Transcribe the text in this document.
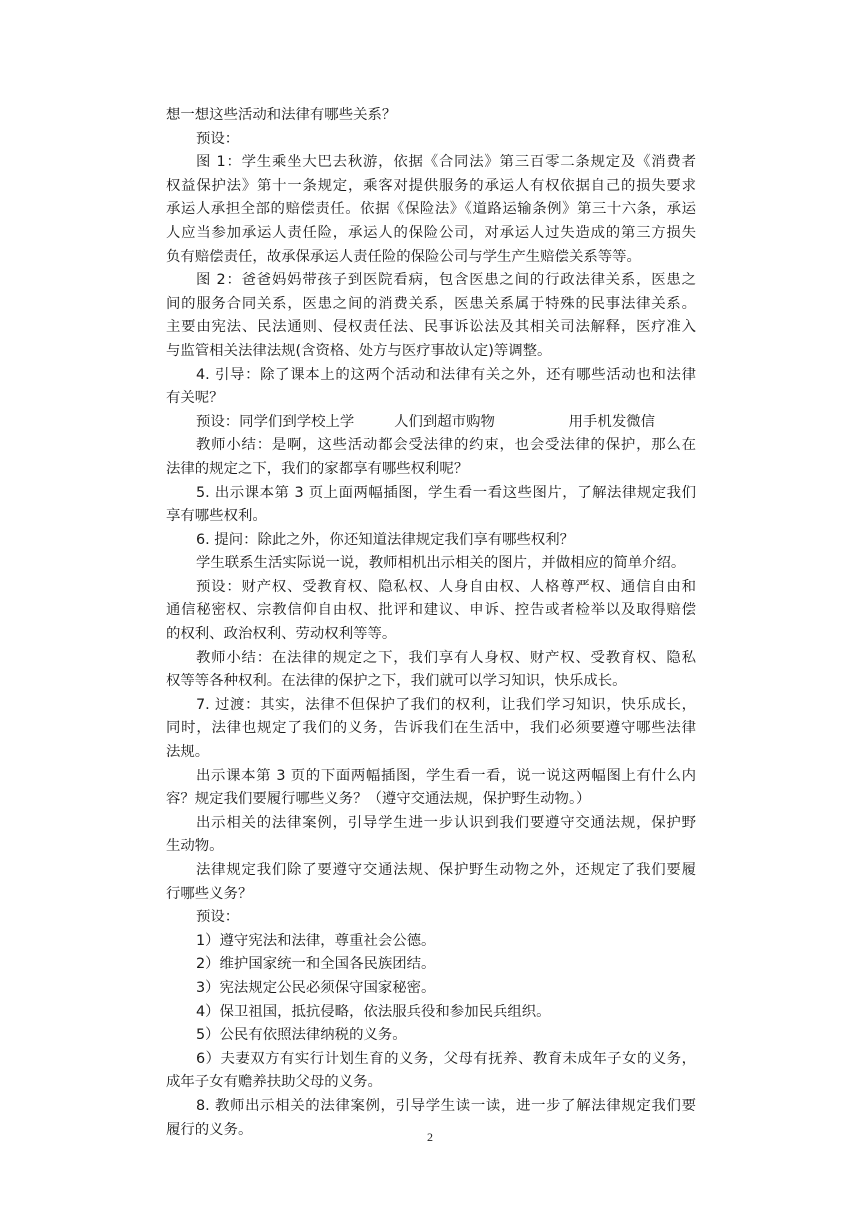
想一想这些活动和法律有哪些关系？
预设：
图 1：学生乘坐大巴去秋游，依据《合同法》第三百零二条规定及《消费者
权益保护法》第十一条规定，乘客对提供服务的承运人有权依据自己的损失要求
承运人承担全部的赔偿责任。依据《保险法》《道路运输条例》第三十六条，承运
人应当参加承运人责任险，承运人的保险公司，对承运人过失造成的第三方损失
负有赔偿责任，故承保承运人责任险的保险公司与学生产生赔偿关系等等。
图 2：爸爸妈妈带孩子到医院看病，包含医患之间的行政法律关系，医患之
间的服务合同关系，医患之间的消费关系，医患关系属于特殊的民事法律关系。
主要由宪法、民法通则、侵权责任法、民事诉讼法及其相关司法解释，医疗准入
与监管相关法律法规(含资格、处方与医疗事故认定)等调整。
4. 引导：除了课本上的这两个活动和法律有关之外，还有哪些活动也和法律
有关呢？
预设：同学们到学校上学	人们到超市购物	用手机发微信
教师小结：是啊，这些活动都会受法律的约束，也会受法律的保护，那么在
法律的规定之下，我们的家都享有哪些权利呢？
5. 出示课本第 3 页上面两幅插图，学生看一看这些图片，了解法律规定我们
享有哪些权利。
6. 提问：除此之外，你还知道法律规定我们享有哪些权利？
学生联系生活实际说一说，教师相机出示相关的图片，并做相应的简单介绍。
预设：财产权、受教育权、隐私权、人身自由权、人格尊严权、通信自由和
通信秘密权、宗教信仰自由权、批评和建议、申诉、控告或者检举以及取得赔偿
的权利、政治权利、劳动权利等等。
教师小结：在法律的规定之下，我们享有人身权、财产权、受教育权、隐私
权等等各种权利。在法律的保护之下，我们就可以学习知识，快乐成长。
7. 过渡：其实，法律不但保护了我们的权利，让我们学习知识，快乐成长，
同时，法律也规定了我们的义务，告诉我们在生活中，我们必须要遵守哪些法律
法规。
出示课本第 3 页的下面两幅插图，学生看一看，说一说这两幅图上有什么内
容？规定我们要履行哪些义务？（遵守交通法规，保护野生动物。）
出示相关的法律案例，引导学生进一步认识到我们要遵守交通法规，保护野
生动物。
法律规定我们除了要遵守交通法规、保护野生动物之外，还规定了我们要履
行哪些义务？
预设：
1）遵守宪法和法律，尊重社会公德。
2）维护国家统一和全国各民族团结。
3）宪法规定公民必须保守国家秘密。
4）保卫祖国，抵抗侵略，依法服兵役和参加民兵组织。
5）公民有依照法律纳税的义务。
6）夫妻双方有实行计划生育的义务，父母有抚养、教育未成年子女的义务，
成年子女有赡养扶助父母的义务。
8. 教师出示相关的法律案例，引导学生读一读，进一步了解法律规定我们要
履行的义务。	2
